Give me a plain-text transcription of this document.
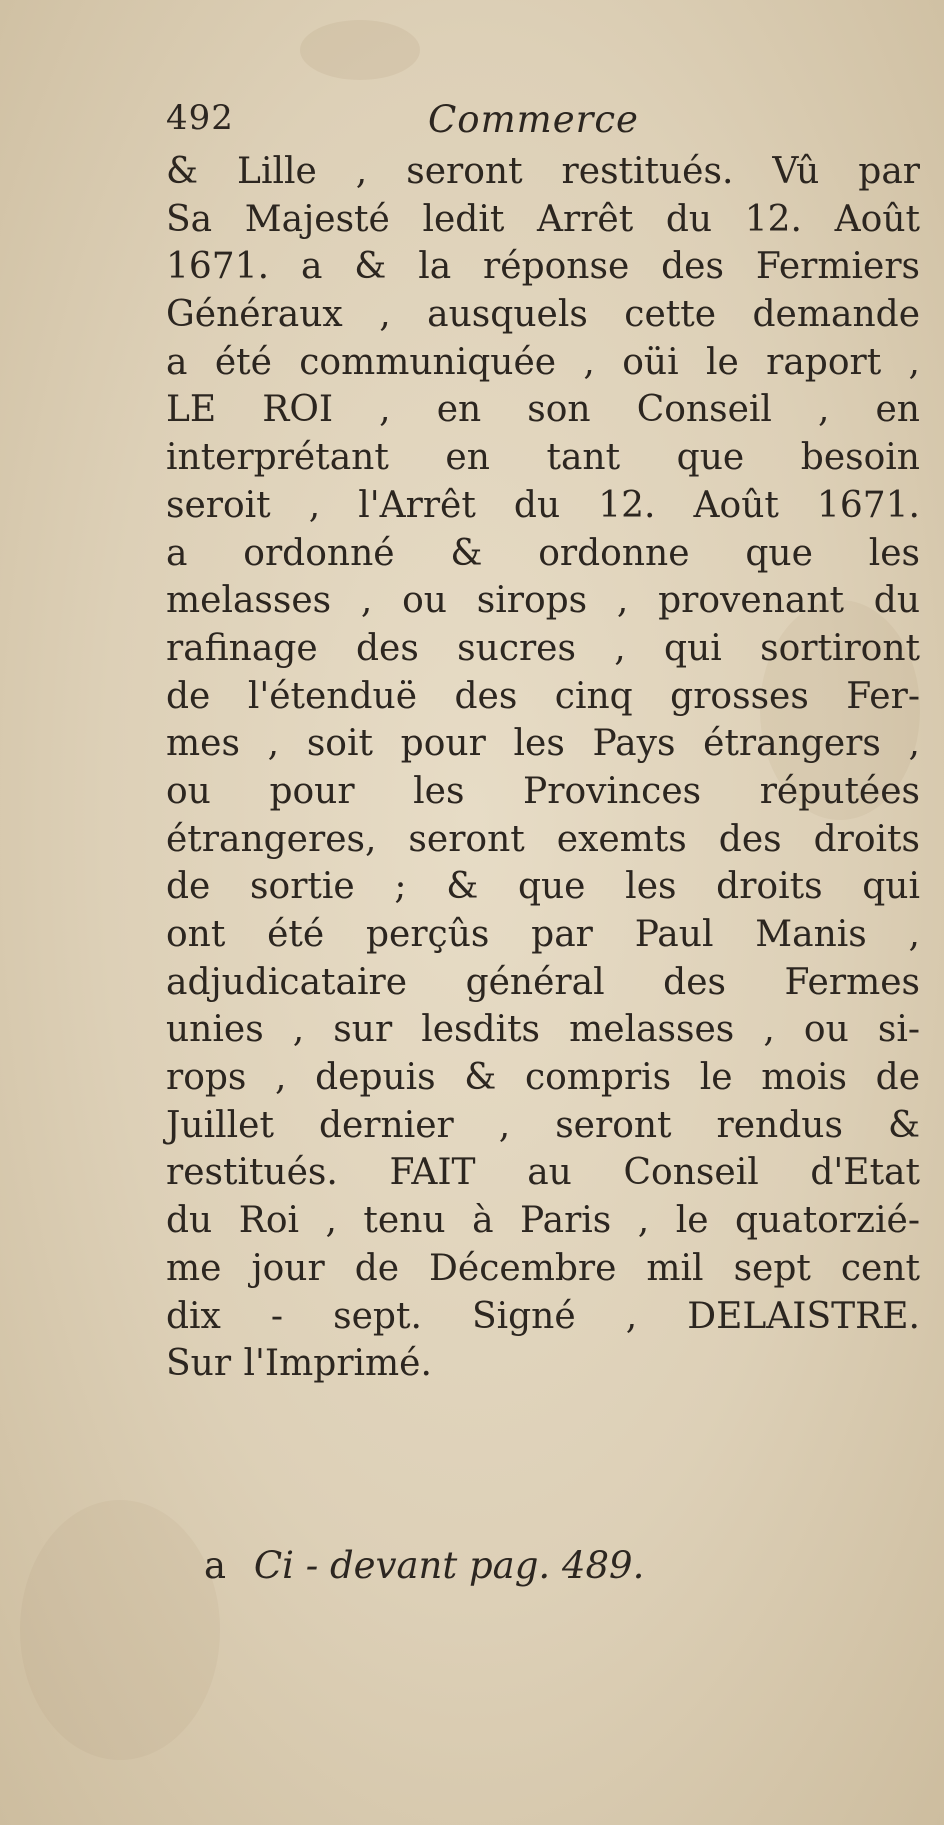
492	Commerce
& Lille , seront restitués. Vû par
Sa Majesté ledit Arrêt du 12. Août
1671. a & la réponse des Fermiers
Généraux , ausquels cette demande
a été communiquée , oüi le raport ,
LE ROI , en son Conseil , en
interprétant en tant que besoin
seroit , l'Arrêt du 12. Août 1671.
a ordonné & ordonne que les
melasses , ou sirops , provenant du
rafinage des sucres , qui sortiront
de l'étenduë des cinq grosses Fer-
mes , soit pour les Pays étrangers ,
ou pour les Provinces réputées
étrangeres, seront exemts des droits
de sortie ; & que les droits qui
ont été perçûs par Paul Manis ,
adjudicataire général des Fermes
unies , sur lesdits melasses , ou si-
rops , depuis & compris le mois de
Juillet dernier , seront rendus &
restitués. FAIT au Conseil d'Etat
du Roi , tenu à Paris , le quatorzié-
me jour de Décembre mil sept cent
dix - sept. Signé , DELAISTRE.
Sur l'Imprimé.
a Ci - devant pag. 489.
